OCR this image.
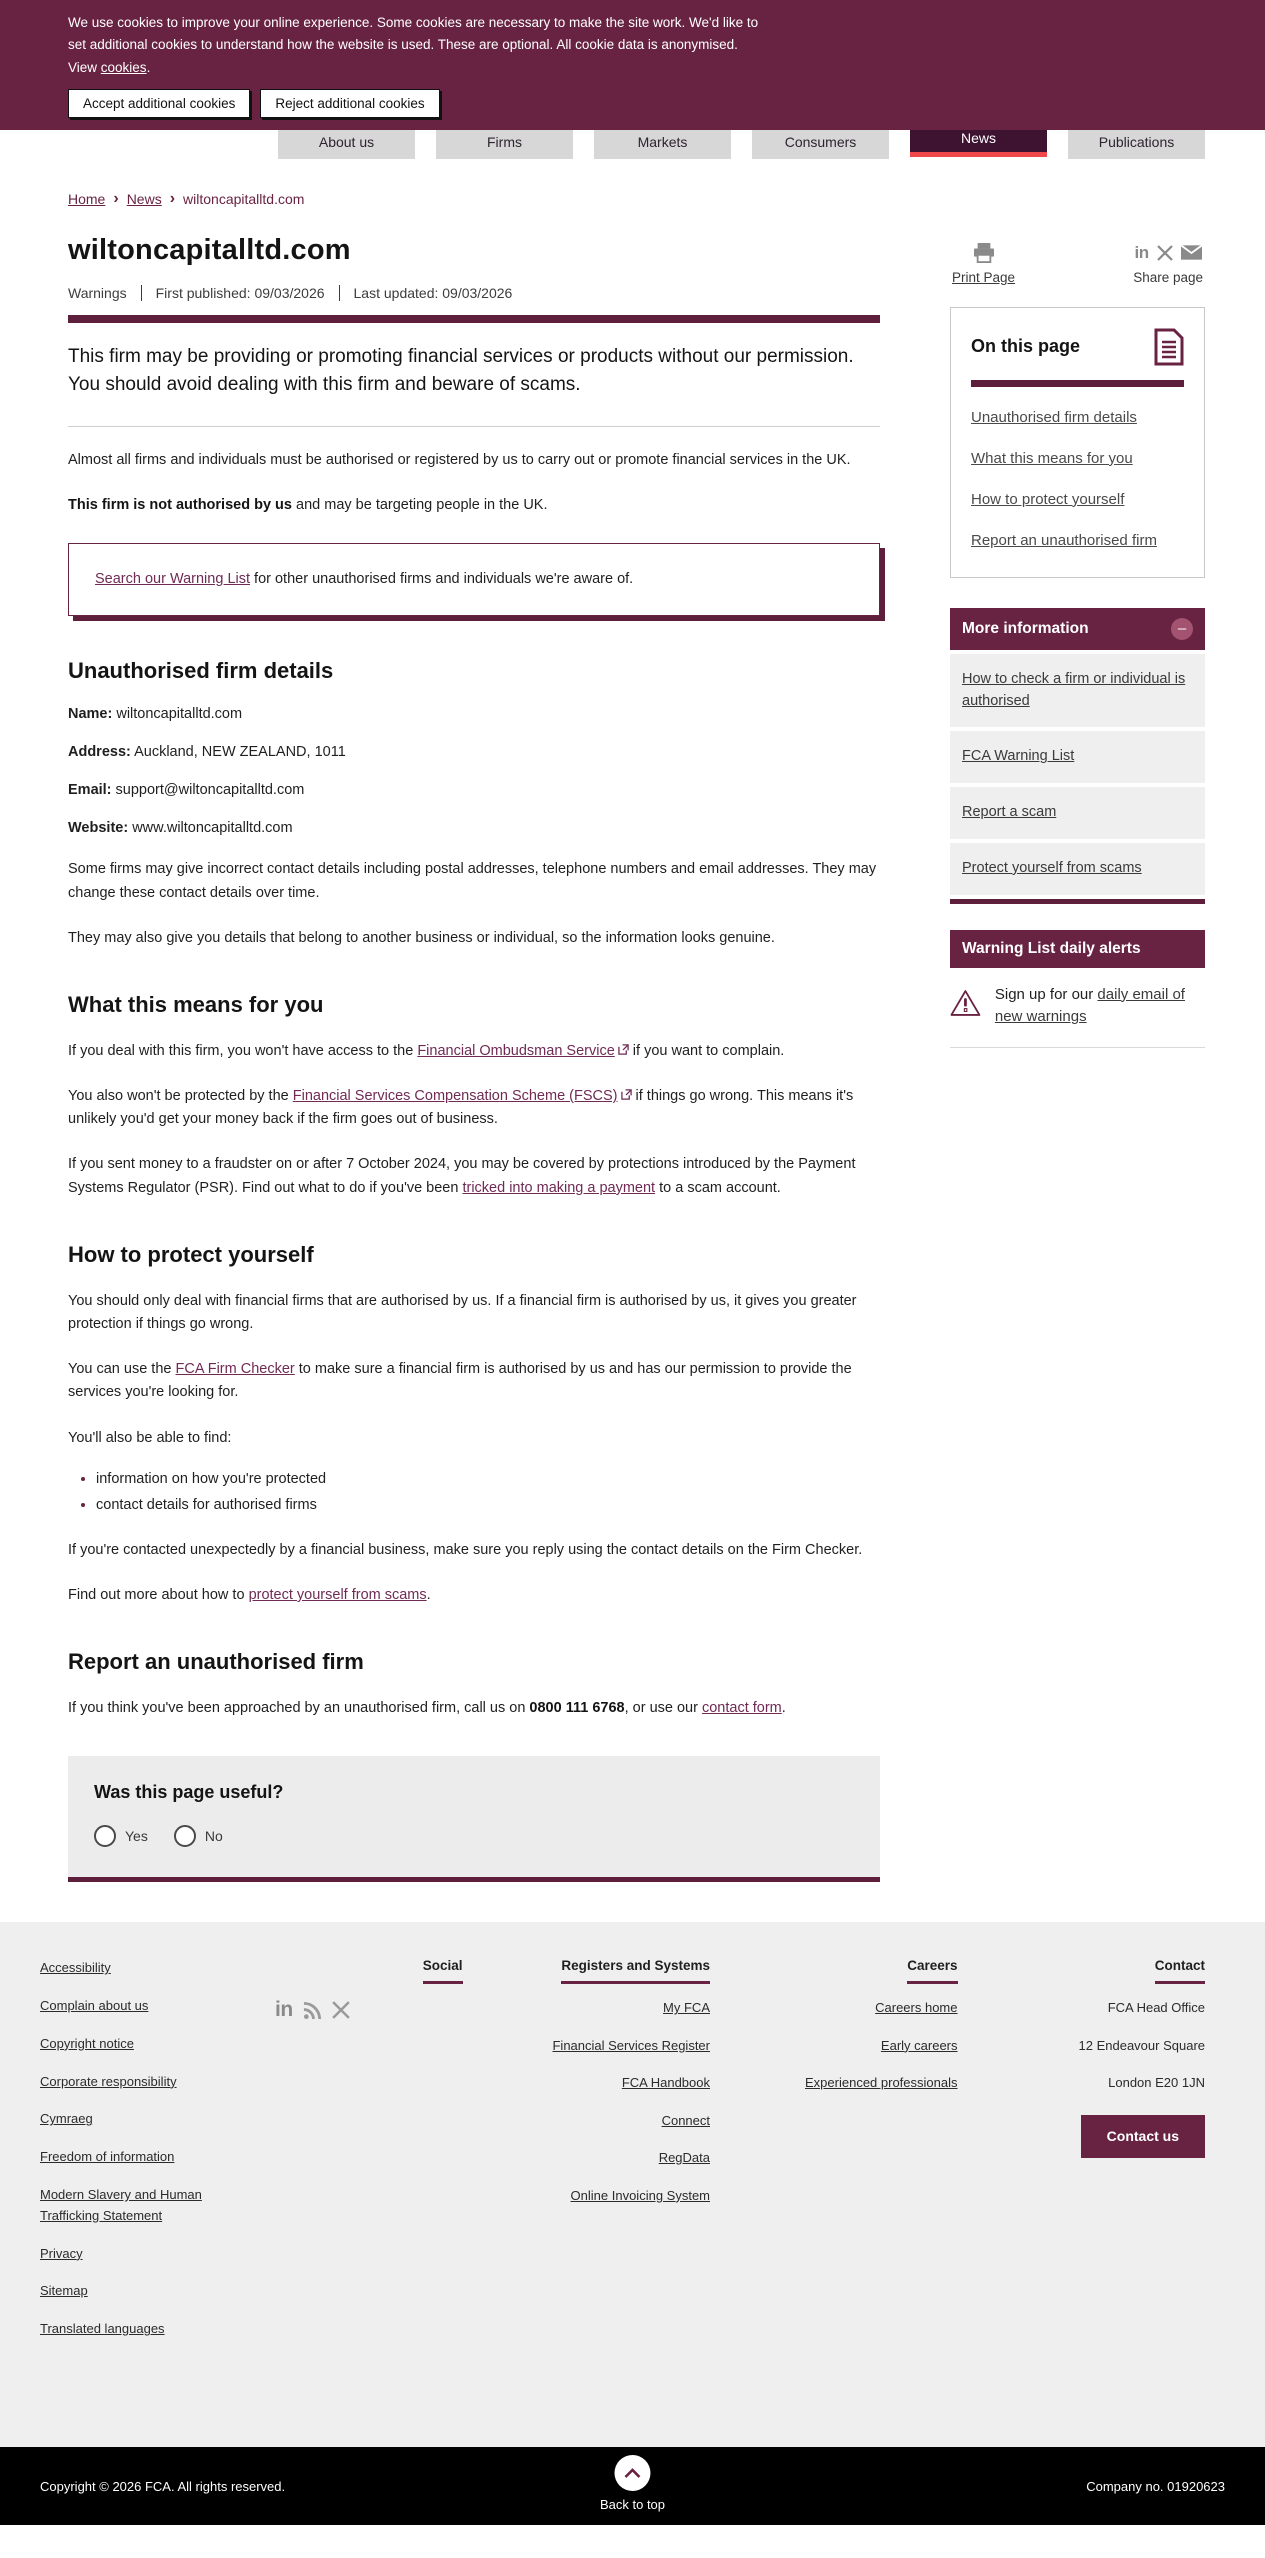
We use cookies to improve your online experience. Some cookies are necessary to make the site work. We'd like to set additional cookies to understand how the website is used. These are optional. All cookie data is anonymised. View cookies.

Accept additional cookies	Reject additional cookies
About us	Firms	Markets	Consumers	News	Publications
Home › News › wiltoncapitalltd.com
wiltoncapitalltd.com
Warnings	First published: 09/03/2026	Last updated: 09/03/2026

This firm may be providing or promoting financial services or products without our permission. You should avoid dealing with this firm and beware of scams.

Almost all firms and individuals must be authorised or registered by us to carry out or promote financial services in the UK.

This firm is not authorised by us and may be targeting people in the UK.

Search our Warning List for other unauthorised firms and individuals we're aware of.

Unauthorised firm details

Name: wiltoncapitalltd.com

Address: Auckland, NEW ZEALAND, 1011

Email: support@wiltoncapitalltd.com

Website: www.wiltoncapitalltd.com

Some firms may give incorrect contact details including postal addresses, telephone numbers and email addresses. They may change these contact details over time.

They may also give you details that belong to another business or individual, so the information looks genuine.

What this means for you

If you deal with this firm, you won't have access to the Financial Ombudsman Service if you want to complain.

You also won't be protected by the Financial Services Compensation Scheme (FSCS) if things go wrong. This means it's unlikely you'd get your money back if the firm goes out of business.

If you sent money to a fraudster on or after 7 October 2024, you may be covered by protections introduced by the Payment Systems Regulator (PSR). Find out what to do if you've been tricked into making a payment to a scam account.

How to protect yourself

You should only deal with financial firms that are authorised by us. If a financial firm is authorised by us, it gives you greater protection if things go wrong.

You can use the FCA Firm Checker to make sure a financial firm is authorised by us and has our permission to provide the services you're looking for.

You'll also be able to find:

• information on how you're protected
• contact details for authorised firms

If you're contacted unexpectedly by a financial business, make sure you reply using the contact details on the Firm Checker.

Find out more about how to protect yourself from scams.

Report an unauthorised firm

If you think you've been approached by an unauthorised firm, call us on 0800 111 6768, or use our contact form.

Was this page useful?
Yes	No
Print Page
in
Share page
On this page
Unauthorised firm details
What this means for you
How to protect yourself
Report an unauthorised firm
More information	–
How to check a firm or individual is authorised
FCA Warning List
Report a scam
Protect yourself from scams
Warning List daily alerts

Sign up for our daily email of new warnings

Accessibility
Complain about us
Copyright notice
Corporate responsibility
Cymraeg
Freedom of information
Modern Slavery and Human Trafficking Statement
Privacy
Sitemap
Translated languages
Social
in
Registers and Systems
My FCA
Financial Services Register
FCA Handbook
Connect
RegData
Online Invoicing System
Careers
Careers home
Early careers
Experienced professionals
Contact
FCA Head Office
12 Endeavour Square
London E20 1JN
Contact us
Copyright © 2026 FCA. All rights reserved.
Back to top
Company no. 01920623
